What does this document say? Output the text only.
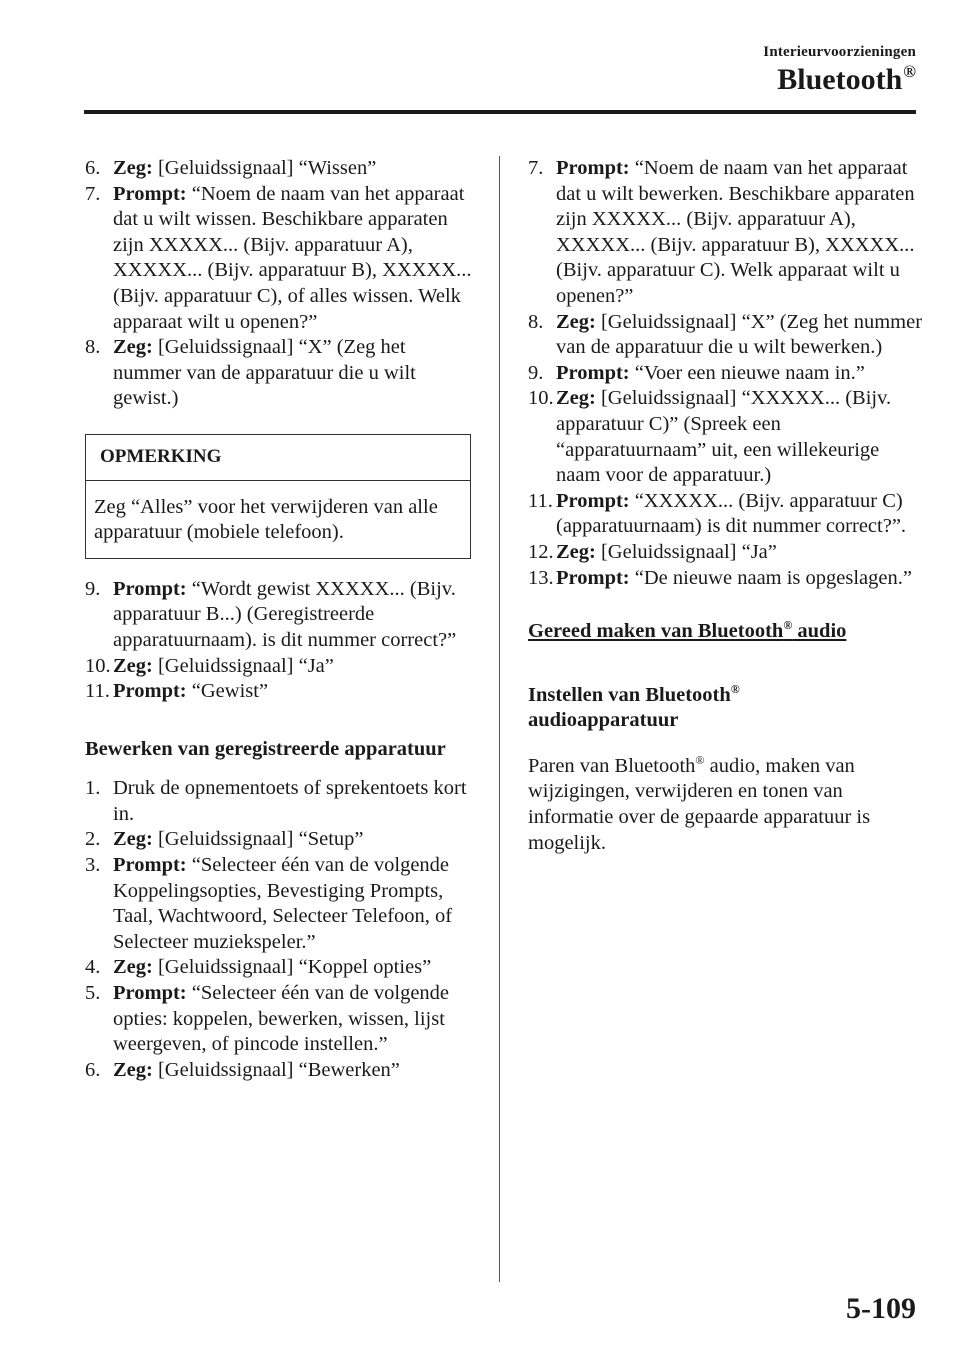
Interieurvoorzieningen
Bluetooth®
6. Zeg: [Geluidssignaal] “Wissen”
7. Prompt: “Noem de naam van het apparaat dat u wilt wissen. Beschikbare apparaten zijn XXXXX... (Bijv. apparatuur A), XXXXX... (Bijv. apparatuur B), XXXXX... (Bijv. apparatuur C), of alles wissen. Welk apparaat wilt u openen?”
8. Zeg: [Geluidssignaal] “X” (Zeg het nummer van de apparatuur die u wilt gewist.)
OPMERKING
Zeg “Alles” voor het verwijderen van alle apparatuur (mobiele telefoon).
9. Prompt: “Wordt gewist XXXXX... (Bijv. apparatuur B...) (Geregistreerde apparatuurnaam). is dit nummer correct?”
10. Zeg: [Geluidssignaal] “Ja”
11. Prompt: “Gewist”
Bewerken van geregistreerde apparatuur
1. Druk de opnementoets of sprekentoets kort in.
2. Zeg: [Geluidssignaal] “Setup”
3. Prompt: “Selecteer één van de volgende Koppelingsopties, Bevestiging Prompts, Taal, Wachtwoord, Selecteer Telefoon, of Selecteer muziekspeler.”
4. Zeg: [Geluidssignaal] “Koppel opties”
5. Prompt: “Selecteer één van de volgende opties: koppelen, bewerken, wissen, lijst weergeven, of pincode instellen.”
6. Zeg: [Geluidssignaal] “Bewerken”
7. Prompt: “Noem de naam van het apparaat dat u wilt bewerken. Beschikbare apparaten zijn XXXXX... (Bijv. apparatuur A), XXXXX... (Bijv. apparatuur B), XXXXX... (Bijv. apparatuur C). Welk apparaat wilt u openen?”
8. Zeg: [Geluidssignaal] “X” (Zeg het nummer van de apparatuur die u wilt bewerken.)
9. Prompt: “Voer een nieuwe naam in.”
10. Zeg: [Geluidssignaal] “XXXXX... (Bijv. apparatuur C)” (Spreek een “apparatuurnaam” uit, een willekeurige naam voor de apparatuur.)
11. Prompt: “XXXXX... (Bijv. apparatuur C) (apparatuurnaam) is dit nummer correct?”.
12. Zeg: [Geluidssignaal] “Ja”
13. Prompt: “De nieuwe naam is opgeslagen.”
Gereed maken van Bluetooth® audio
Instellen van Bluetooth®
audioapparatuur

Paren van Bluetooth® audio, maken van wijzigingen, verwijderen en tonen van informatie over de gepaarde apparatuur is mogelijk.

5-109
